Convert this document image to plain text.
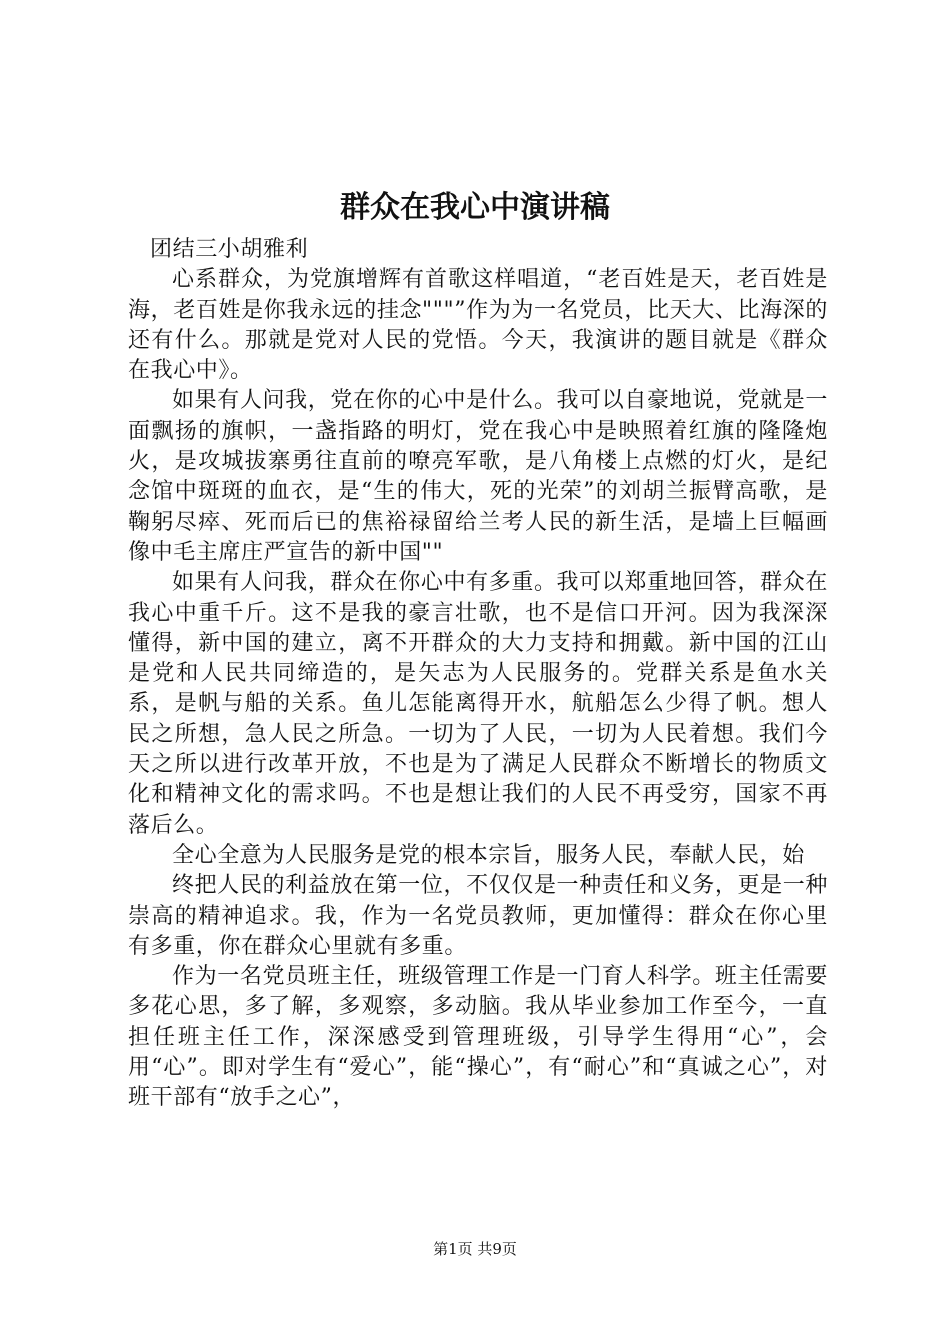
群众在我心中演讲稿

团结三小胡雅利

心系群众，为党旗增辉有首歌这样唱道，“老百姓是天，老百姓是海，老百姓是你我永远的挂念"""”作为为一名党员，比天大、比海深的还有什么。那就是党对人民的党悟。今天，我演讲的题目就是《群众在我心中》。

如果有人问我，党在你的心中是什么。我可以自豪地说，党就是一面飘扬的旗帜，一盏指路的明灯，党在我心中是映照着红旗的隆隆炮火，是攻城拔寨勇往直前的嘹亮军歌，是八角楼上点燃的灯火，是纪念馆中斑斑的血衣，是“生的伟大，死的光荣”的刘胡兰振臂高歌，是鞠躬尽瘁、死而后已的焦裕禄留给兰考人民的新生活，是墙上巨幅画像中毛主席庄严宣告的新中国""

如果有人问我，群众在你心中有多重。我可以郑重地回答，群众在我心中重千斤。这不是我的豪言壮歌，也不是信口开河。因为我深深懂得，新中国的建立，离不开群众的大力支持和拥戴。新中国的江山是党和人民共同缔造的，是矢志为人民服务的。党群关系是鱼水关系，是帆与船的关系。鱼儿怎能离得开水，航船怎么少得了帆。想人民之所想，急人民之所急。一切为了人民，一切为人民着想。我们今天之所以进行改革开放，不也是为了满足人民群众不断增长的物质文化和精神文化的需求吗。不也是想让我们的人民不再受穷，国家不再落后么。

全心全意为人民服务是党的根本宗旨，服务人民，奉献人民，始

终把人民的利益放在第一位，不仅仅是一种责任和义务，更是一种崇高的精神追求。我，作为一名党员教师，更加懂得：群众在你心里有多重，你在群众心里就有多重。

作为一名党员班主任，班级管理工作是一门育人科学。班主任需要多花心思，多了解，多观察，多动脑。我从毕业参加工作至今，一直担任班主任工作，深深感受到管理班级，引导学生得用“心”，会用“心”。即对学生有“爱心”，能“操心”，有“耐心”和“真诚之心”，对班干部有“放手之心”，

第1页 共9页
